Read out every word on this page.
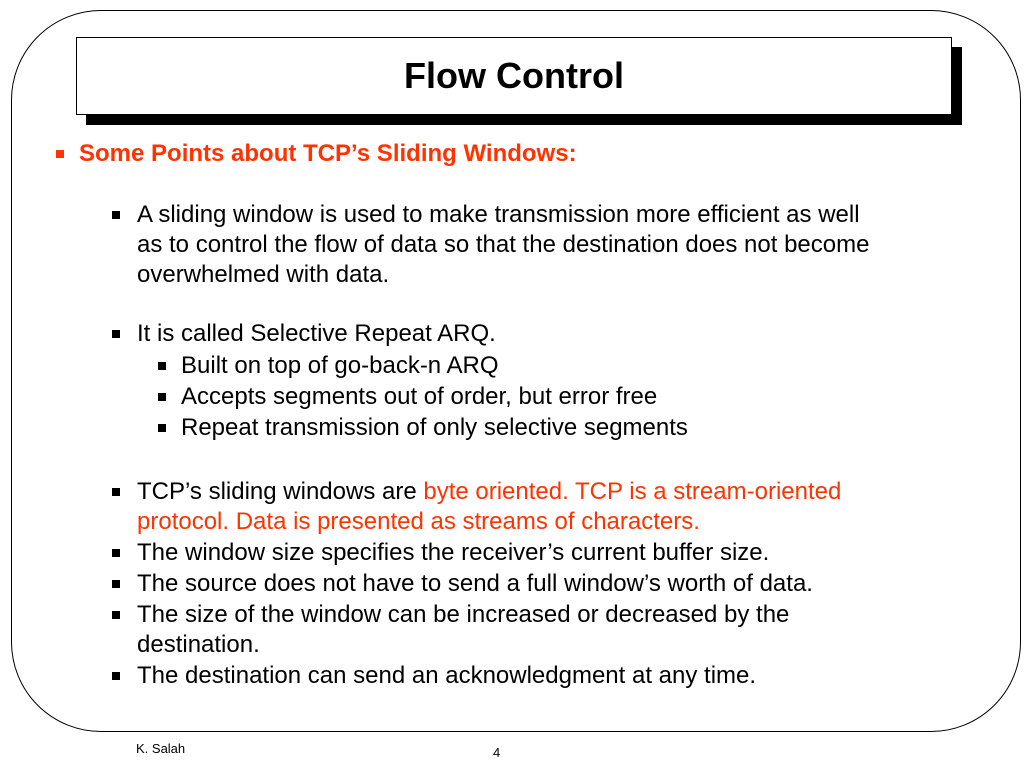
Flow Control
Some Points about TCP’s Sliding Windows:
A sliding window is used to make transmission more efficient as well
as to control the flow of data so that the destination does not become
overwhelmed with data.
It is called Selective Repeat ARQ.
Built on top of go-back-n ARQ
Accepts segments out of order, but error free
Repeat transmission of only selective segments
TCP’s sliding windows are byte oriented. TCP is a stream-oriented
protocol. Data is presented as streams of characters.
The window size specifies the receiver’s current buffer size.
The source does not have to send a full window’s worth of data.
The size of the window can be increased or decreased by the
destination.
The destination can send an acknowledgment at any time.
K. Salah	4
